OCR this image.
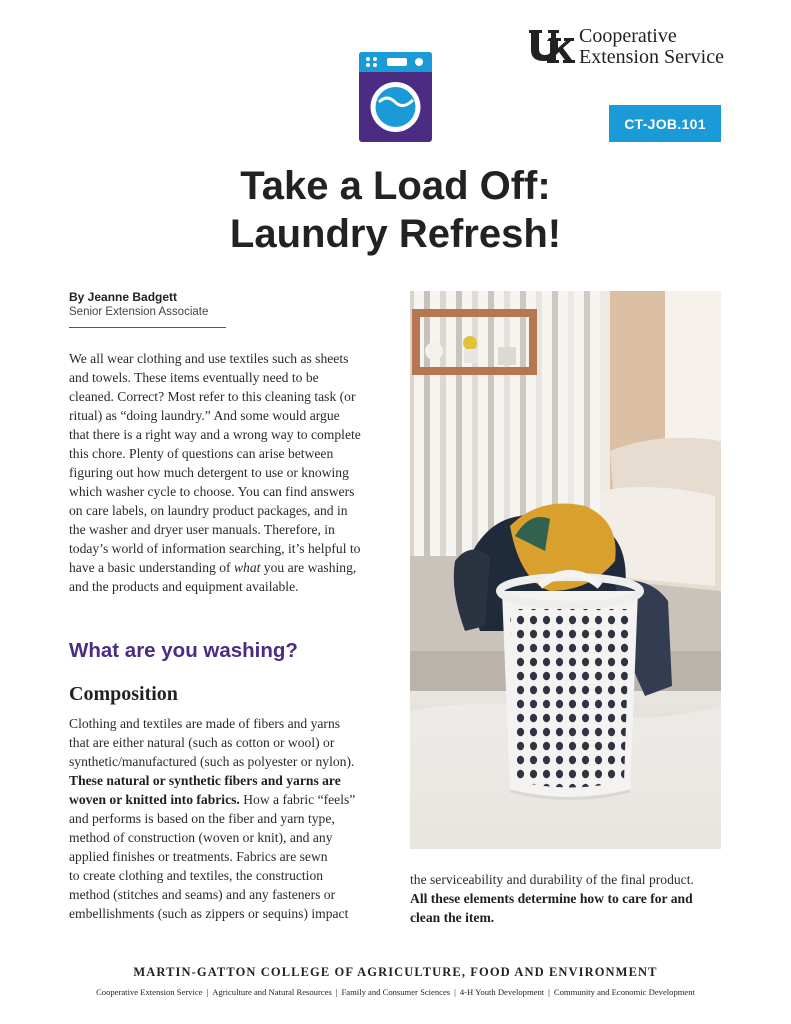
Cooperative
Extension Service
CT-JOB.101
Take a Load Off:
Laundry Refresh!
By Jeanne Badgett
Senior Extension Associate
We all wear clothing and use textiles such as sheets
and towels. These items eventually need to be
cleaned. Correct? Most refer to this cleaning task (or
ritual) as “doing laundry.” And some would argue
that there is a right way and a wrong way to complete
this chore. Plenty of questions can arise between
figuring out how much detergent to use or knowing
which washer cycle to choose. You can find answers
on care labels, on laundry product packages, and in
the washer and dryer user manuals. Therefore, in
today’s world of information searching, it’s helpful to
have a basic understanding of what you are washing,
and the products and equipment available.
What are you washing?
Composition
Clothing and textiles are made of fibers and yarns
that are either natural (such as cotton or wool) or
synthetic/manufactured (such as polyester or nylon).
These natural or synthetic fibers and yarns are
woven or knitted into fabrics. How a fabric “feels”
and performs is based on the fiber and yarn type,
method of construction (woven or knit), and any
applied finishes or treatments. Fabrics are sewn
to create clothing and textiles, the construction
method (stitches and seams) and any fasteners or
embellishments (such as zippers or sequins) impact
the serviceability and durability of the final product.
All these elements determine how to care for and
clean the item.
MARTIN-GATTON COLLEGE OF AGRICULTURE, FOOD AND ENVIRONMENT
Cooperative Extension Service | Agriculture and Natural Resources | Family and Consumer Sciences | 4-H Youth Development | Community and Economic Development
